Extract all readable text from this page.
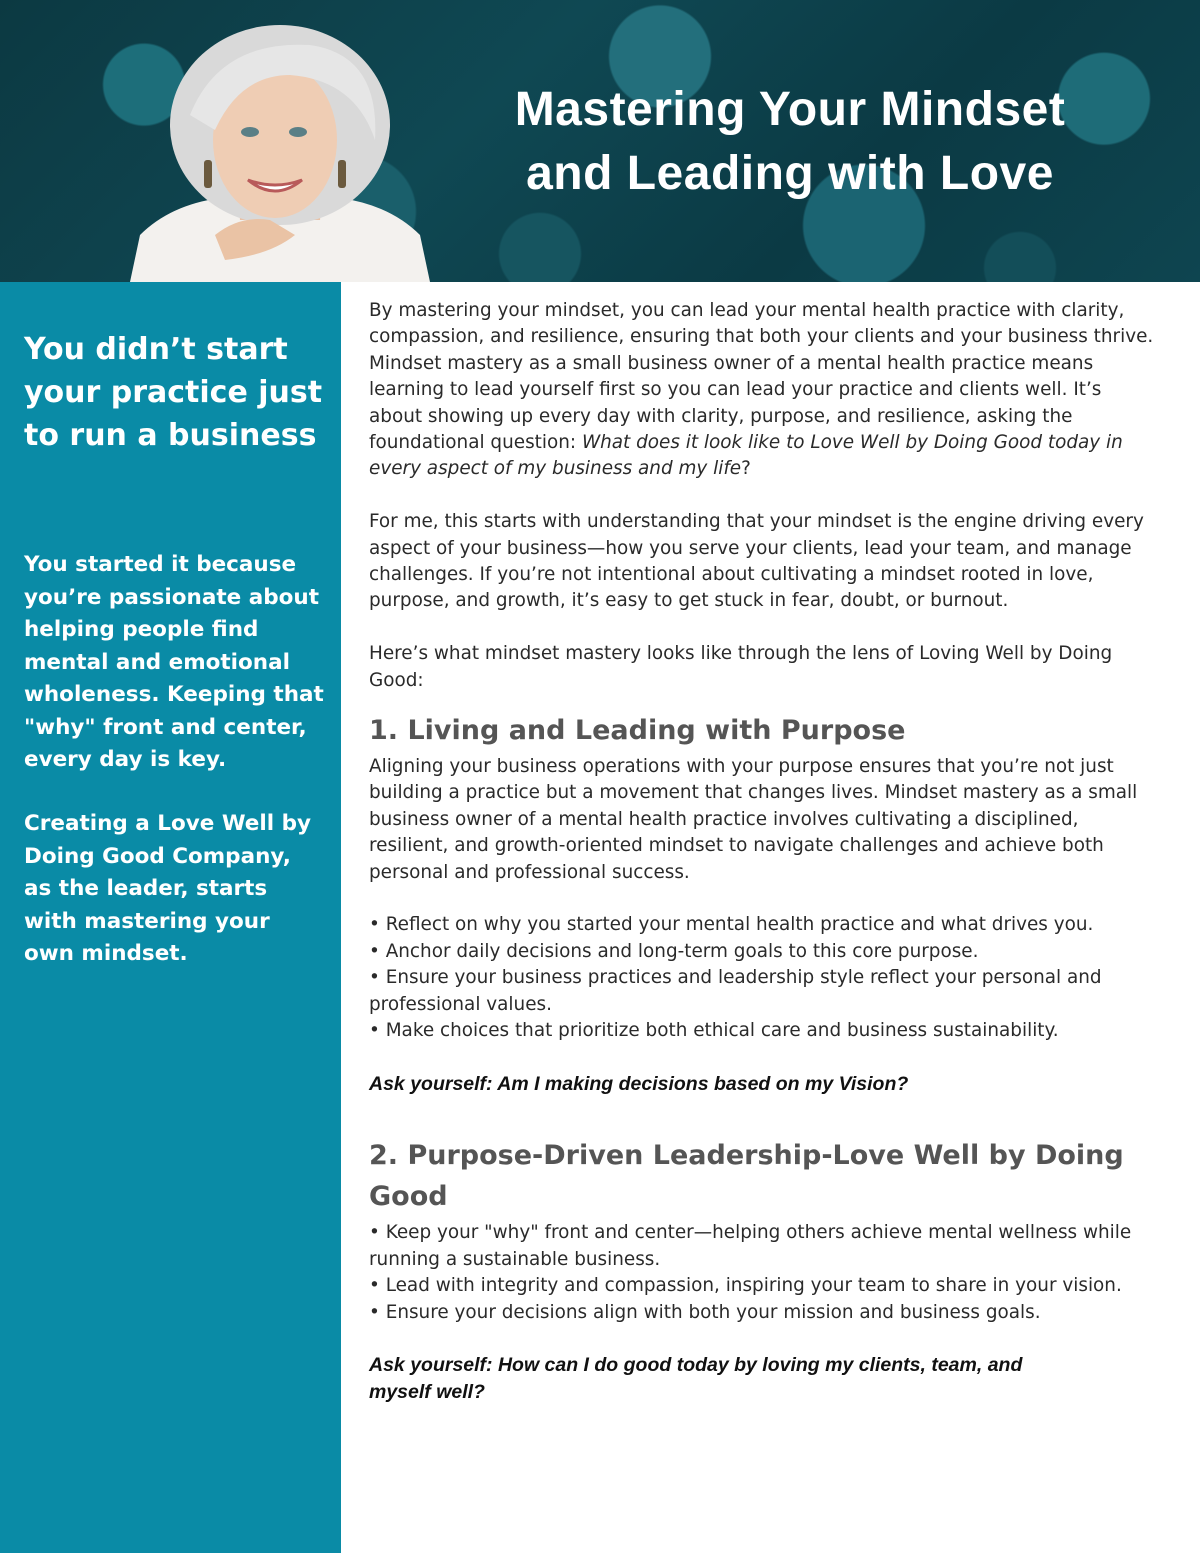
Mastering Your Mindset
and Leading with Love
You didn’t start your practice just to run a business

You started it because you’re passionate about helping people find mental and emotional wholeness. Keeping that "why" front and center, every day is key.

Creating a Love Well by Doing Good Company, as the leader, starts with mastering your own mindset.

By mastering your mindset, you can lead your mental health practice with clarity, compassion, and resilience, ensuring that both your clients and your business thrive. Mindset mastery as a small business owner of a mental health practice means learning to lead yourself first so you can lead your practice and clients well. It’s about showing up every day with clarity, purpose, and resilience, asking the foundational question: What does it look like to Love Well by Doing Good today in every aspect of my business and my life?

For me, this starts with understanding that your mindset is the engine driving every aspect of your business—how you serve your clients, lead your team, and manage challenges. If you’re not intentional about cultivating a mindset rooted in love, purpose, and growth, it’s easy to get stuck in fear, doubt, or burnout.

Here’s what mindset mastery looks like through the lens of Loving Well by Doing Good:

1. Living and Leading with Purpose

Aligning your business operations with your purpose ensures that you’re not just building a practice but a movement that changes lives. Mindset mastery as a small business owner of a mental health practice involves cultivating a disciplined, resilient, and growth-oriented mindset to navigate challenges and achieve both personal and professional success.

• Reflect on why you started your mental health practice and what drives you.

• Anchor daily decisions and long-term goals to this core purpose.

• Ensure your business practices and leadership style reflect your personal and professional values.

• Make choices that prioritize both ethical care and business sustainability.

Ask yourself: Am I making decisions based on my Vision?

2. Purpose-Driven Leadership-Love Well by Doing Good

• Keep your "why" front and center—helping others achieve mental wellness while running a sustainable business.

• Lead with integrity and compassion, inspiring your team to share in your vision.

• Ensure your decisions align with both your mission and business goals.

Ask yourself: How can I do good today by loving my clients, team, and myself well?
